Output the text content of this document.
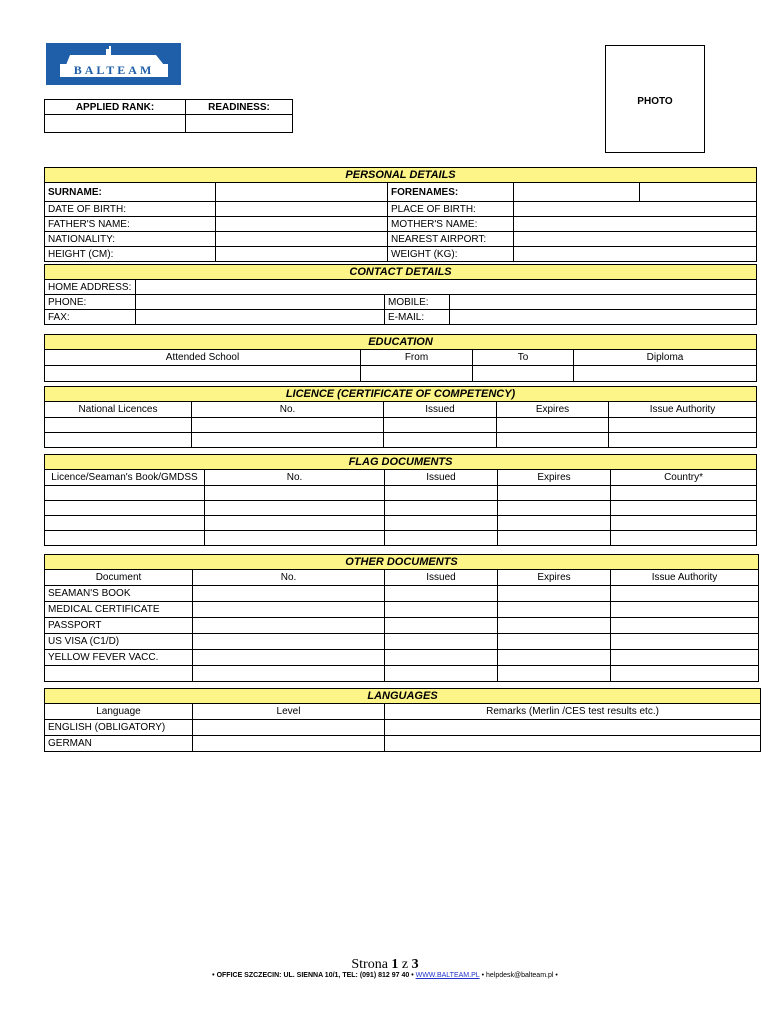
BALTEAM
APPLIED RANK:	READINESS:
		PHOTO
PERSONAL DETAILS				
SURNAME:		FORENAMES:		
DATE OF BIRTH:		PLACE OF BIRTH:		
FATHER'S NAME:		MOTHER'S NAME:		
NATIONALITY:		NEAREST AIRPORT:		
HEIGHT (CM):		WEIGHT (KG):		
CONTACT DETAILS			
HOME ADDRESS:			
PHONE:		MOBILE:	
FAX:		E-MAIL:	
EDUCATION			
Attended School	From	To	Diploma

LICENCE (CERTIFICATE OF COMPETENCY)				
National Licences	No.	Issued	Expires	Issue Authority

FLAG DOCUMENTS				
Licence/Seaman's Book/GMDSS	No.	Issued	Expires	Country*

OTHER DOCUMENTS				
Document	No.	Issued	Expires	Issue Authority
SEAMAN'S BOOK				
MEDICAL CERTIFICATE				
PASSPORT				
US VISA (C1/D)				
YELLOW FEVER VACC.				

LANGUAGES		
Language	Level	Remarks (Merlin /CES test results etc.)
ENGLISH (OBLIGATORY)		
GERMAN		
Strona 1 z 3
• OFFICE SZCZECIN: UL. SIENNA 10/1, TEL: (091) 812 97 40 • WWW.BALTEAM.PL • helpdesk@balteam.pl •
